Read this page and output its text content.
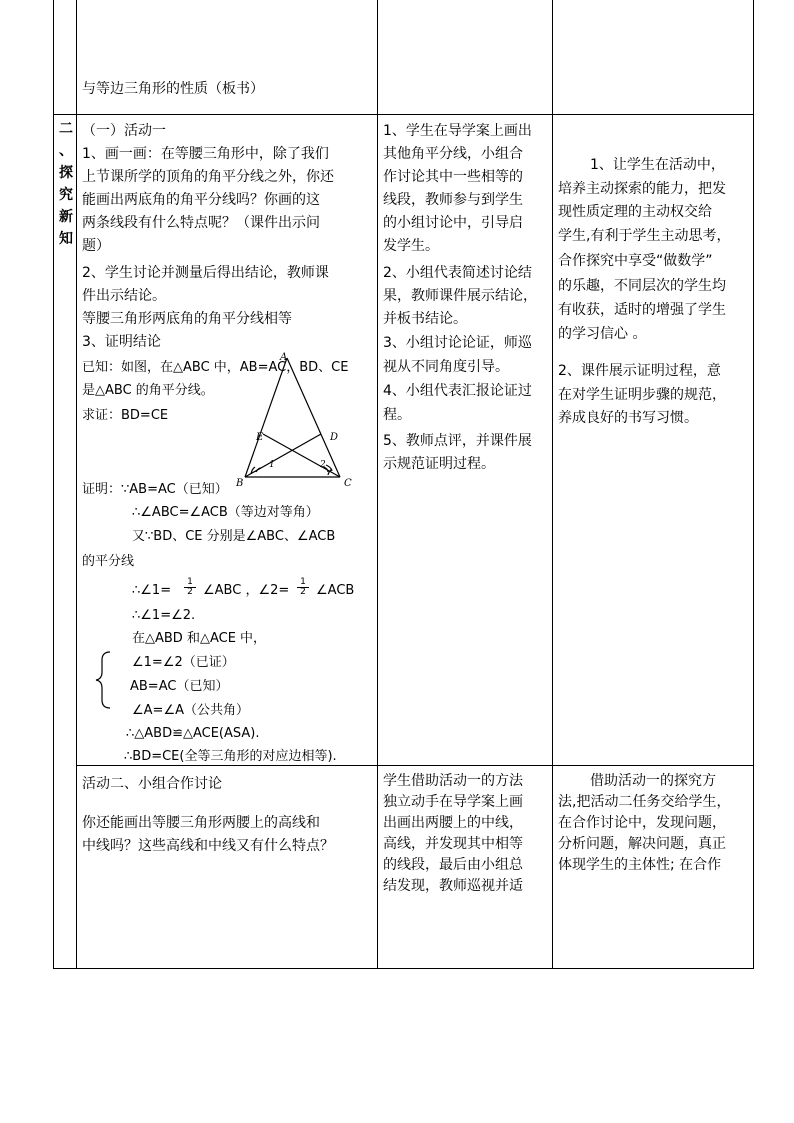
与等边三角形的性质（板书）
二
、
探
究
新
知
（一）活动一
1、画一画：在等腰三角形中，除了我们
上节课所学的顶角的角平分线之外，你还
能画出两底角的角平分线吗？你画的这
两条线段有什么特点呢？（课件出示问
题）
2、学生讨论并测量后得出结论，教师课
件出示结论。
等腰三角形两底角的角平分线相等
3、证明结论
已知：如图，在△ABC 中，AB=AC，BD、CE
是△ABC 的角平分线。
求证：BD=CE
A
B	C
D
E
1	2
证明：∵AB=AC（已知）
∴∠ABC=∠ACB（等边对等角）
又∵BD、CE 分别是∠ABC、∠ACB
的平分线
∴∠1= $\frac{1}{2}$ ∠ABC ，∠2= $\frac{1}{2}$ ∠ACB
∴∠1=∠2.
在△ABD 和△ACE 中，
∠1=∠2（已证）
AB=AC（已知）
∠A=∠A（公共角）
∴△ABD≌△ACE(ASA).
∴BD=CE(全等三角形的对应边相等).
1、学生在导学案上画出
其他角平分线，小组合
作讨论其中一些相等的
线段，教师参与到学生
的小组讨论中，引导启
发学生。
2、小组代表简述讨论结
果，教师课件展示结论，
并板书结论。
3、小组讨论论证，师巡
视从不同角度引导。
4、小组代表汇报论证过
程。
5、教师点评，并课件展
示规范证明过程。
1、让学生在活动中，
培养主动探索的能力，把发
现性质定理的主动权交给
学生,有利于学生主动思考，
合作探究中享受“做数学”
的乐趣，不同层次的学生均
有收获，适时的增强了学生
的学习信心 。
2、课件展示证明过程，意
在对学生证明步骤的规范，
养成良好的书写习惯。
活动二、小组合作讨论
你还能画出等腰三角形两腰上的高线和
中线吗？这些高线和中线又有什么特点？
学生借助活动一的方法
独立动手在导学案上画
出画出两腰上的中线，
高线，并发现其中相等
的线段，最后由小组总
结发现，教师巡视并适
借助活动一的探究方
法,把活动二任务交给学生，
在合作讨论中，发现问题，
分析问题，解决问题，真正
体现学生的主体性; 在合作
